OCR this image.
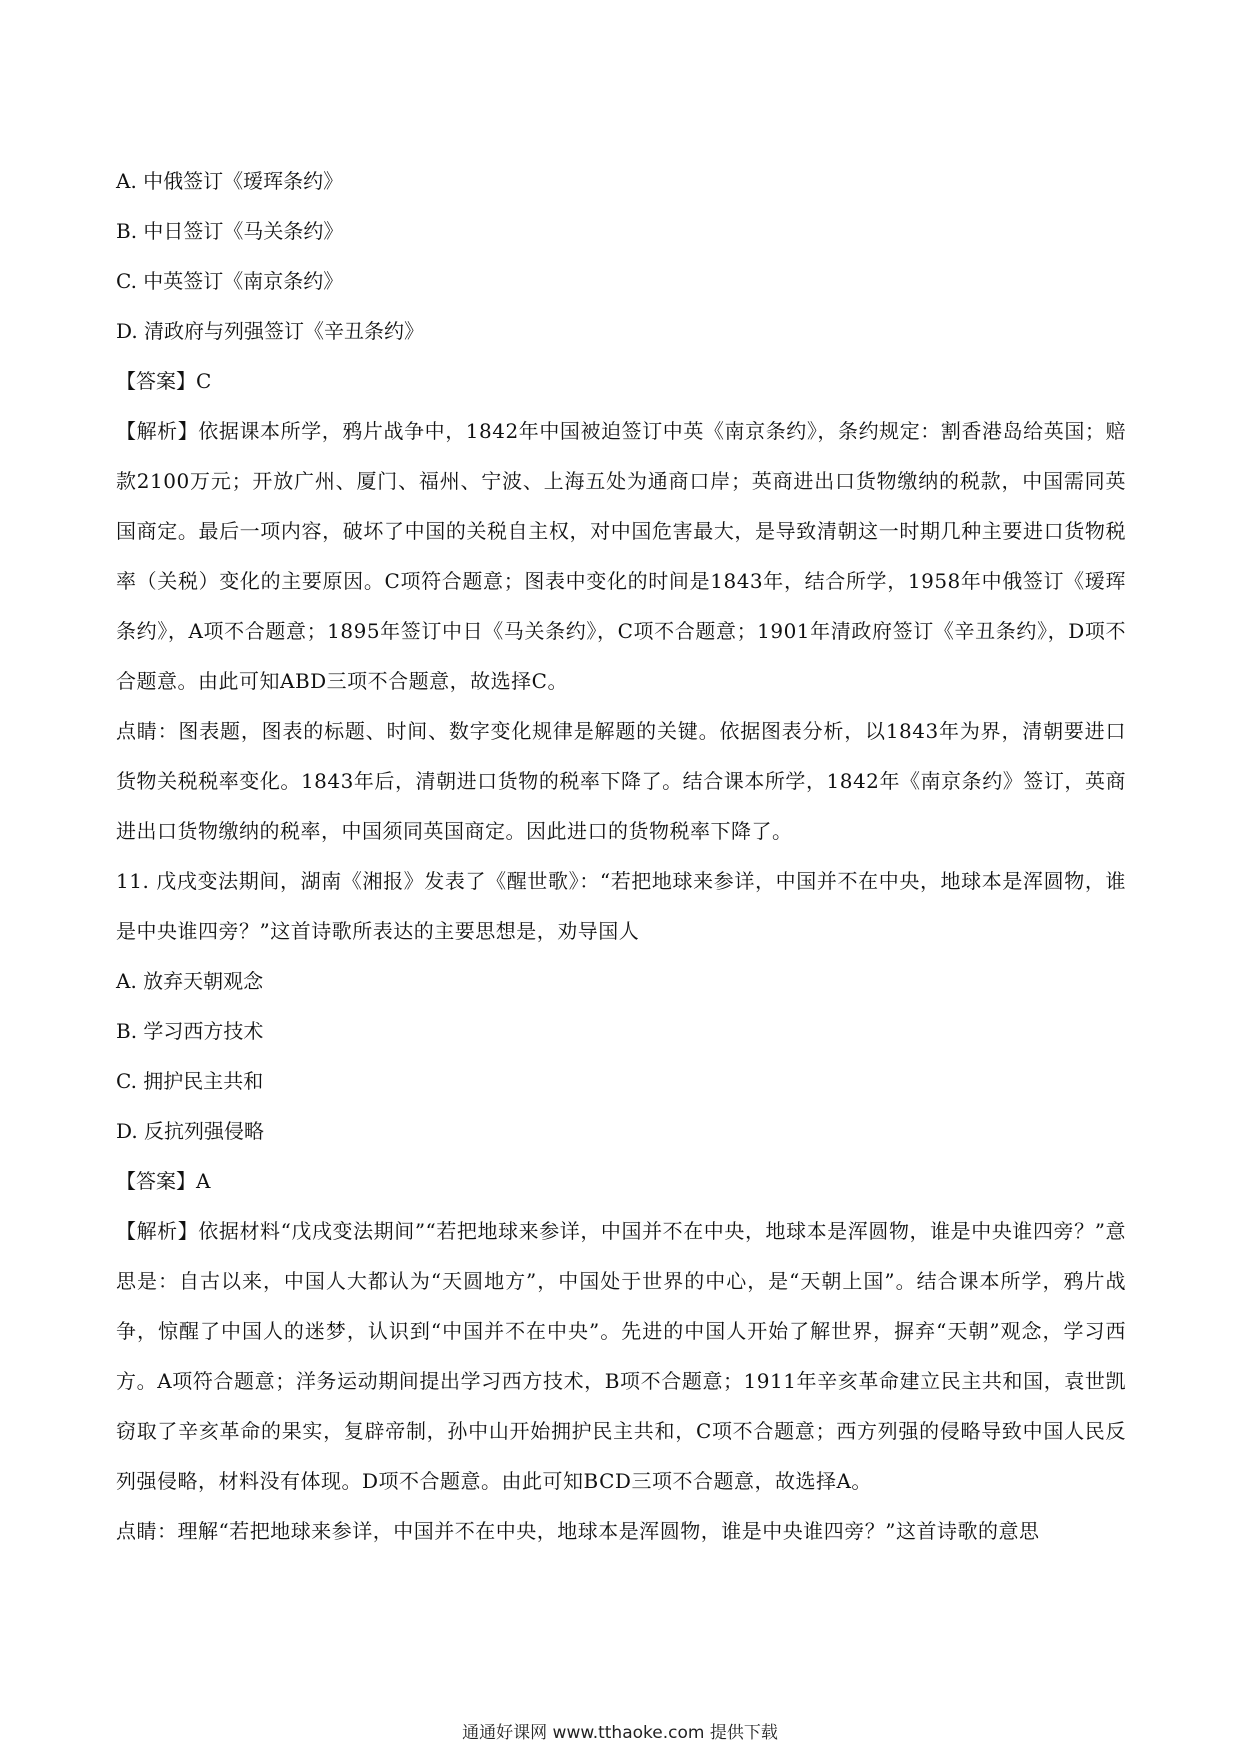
A. 中俄签订《瑷珲条约》
B. 中日签订《马关条约》
C. 中英签订《南京条约》
D. 清政府与列强签订《辛丑条约》
【答案】C
【解析】依据课本所学，鸦片战争中，1842年中国被迫签订中英《南京条约》，条约规定：割香港岛给英国；赔款2100万元；开放广州、厦门、福州、宁波、上海五处为通商口岸；英商进出口货物缴纳的税款，中国需同英国商定。最后一项内容，破坏了中国的关税自主权，对中国危害最大，是导致清朝这一时期几种主要进口货物税率（关税）变化的主要原因。C项符合题意；图表中变化的时间是1843年，结合所学，1958年中俄签订《瑷珲条约》，A项不合题意；1895年签订中日《马关条约》，C项不合题意；1901年清政府签订《辛丑条约》，D项不合题意。由此可知ABD三项不合题意，故选择C。
点睛：图表题，图表的标题、时间、数字变化规律是解题的关键。依据图表分析，以1843年为界，清朝要进口货物关税税率变化。1843年后，清朝进口货物的税率下降了。结合课本所学，1842年《南京条约》签订，英商进出口货物缴纳的税率，中国须同英国商定。因此进口的货物税率下降了。
11. 戊戌变法期间，湖南《湘报》发表了《醒世歌》：“若把地球来参详，中国并不在中央，地球本是浑圆物，谁是中央谁四旁？”这首诗歌所表达的主要思想是，劝导国人
A. 放弃天朝观念
B. 学习西方技术
C. 拥护民主共和
D. 反抗列强侵略
【答案】A
【解析】依据材料“戊戌变法期间”“若把地球来参详，中国并不在中央，地球本是浑圆物，谁是中央谁四旁？”意思是：自古以来，中国人大都认为“天圆地方”，中国处于世界的中心，是“天朝上国”。结合课本所学，鸦片战争，惊醒了中国人的迷梦，认识到“中国并不在中央”。先进的中国人开始了解世界，摒弃“天朝”观念，学习西方。A项符合题意；洋务运动期间提出学习西方技术，B项不合题意；1911年辛亥革命建立民主共和国，袁世凯窃取了辛亥革命的果实，复辟帝制，孙中山开始拥护民主共和，C项不合题意；西方列强的侵略导致中国人民反列强侵略，材料没有体现。D项不合题意。由此可知BCD三项不合题意，故选择A。
点睛：理解“若把地球来参详，中国并不在中央，地球本是浑圆物，谁是中央谁四旁？”这首诗歌的意思
通通好课网 www.tthaoke.com 提供下载
